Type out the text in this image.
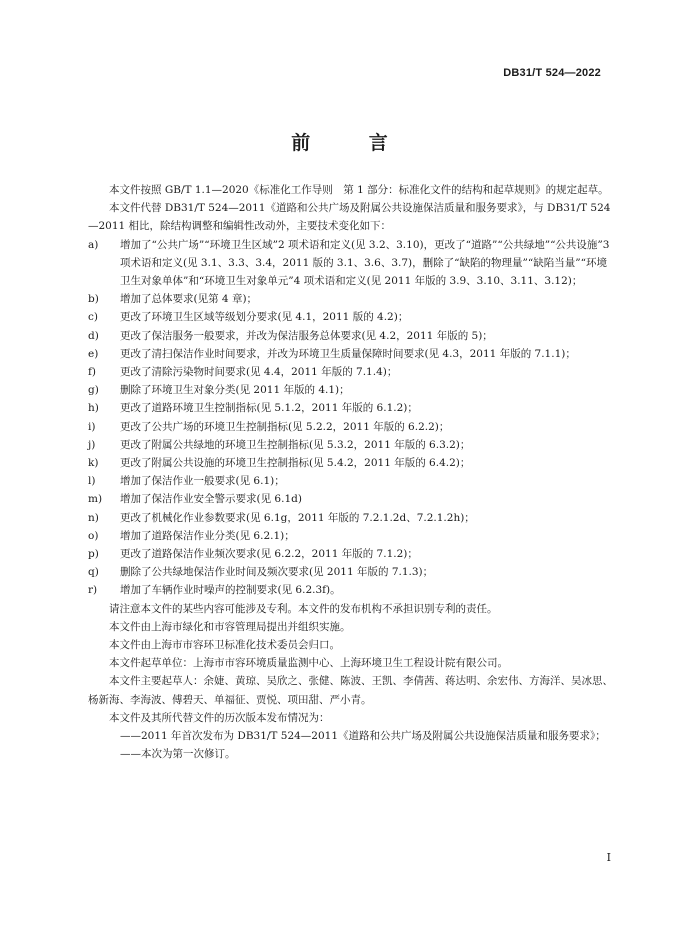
DB31/T 524—2022
前 言

本文件按照 GB/T 1.1—2020《标准化工作导则　第 1 部分：标准化文件的结构和起草规则》的规定起草。

本文件代替 DB31/T 524—2011《道路和公共广场及附属公共设施保洁质量和服务要求》，与 DB31/T 524—2011 相比，除结构调整和编辑性改动外，主要技术变化如下：

a)	增加了“公共广场”“环境卫生区域”2 项术语和定义(见 3.2、3.10)，更改了“道路”“公共绿地”“公共设施”3 项术语和定义(见 3.1、3.3、3.4，2011 版的 3.1、3.6、3.7)，删除了“缺陷的物理量”“缺陷当量”“环境卫生对象单体”和“环境卫生对象单元”4 项术语和定义(见 2011 年版的 3.9、3.10、3.11、3.12)；
b)	增加了总体要求(见第 4 章)；
c)	更改了环境卫生区域等级划分要求(见 4.1，2011 版的 4.2)；
d)	更改了保洁服务一般要求，并改为保洁服务总体要求(见 4.2，2011 年版的 5)；
e)	更改了清扫保洁作业时间要求，并改为环境卫生质量保障时间要求(见 4.3，2011 年版的 7.1.1)；
f)	更改了清除污染物时间要求(见 4.4，2011 年版的 7.1.4)；
g)	删除了环境卫生对象分类(见 2011 年版的 4.1)；
h)	更改了道路环境卫生控制指标(见 5.1.2，2011 年版的 6.1.2)；
i)	更改了公共广场的环境卫生控制指标(见 5.2.2，2011 年版的 6.2.2)；
j)	更改了附属公共绿地的环境卫生控制指标(见 5.3.2，2011 年版的 6.3.2)；
k)	更改了附属公共设施的环境卫生控制指标(见 5.4.2，2011 年版的 6.4.2)；
l)	增加了保洁作业一般要求(见 6.1)；
m)	增加了保洁作业安全警示要求(见 6.1d)
n)	更改了机械化作业参数要求(见 6.1g，2011 年版的 7.2.1.2d、7.2.1.2h)；
o)	增加了道路保洁作业分类(见 6.2.1)；
p)	更改了道路保洁作业频次要求(见 6.2.2，2011 年版的 7.1.2)；
q)	删除了公共绿地保洁作业时间及频次要求(见 2011 年版的 7.1.3)；
r)	增加了车辆作业时噪声的控制要求(见 6.2.3f)。

请注意本文件的某些内容可能涉及专利。本文件的发布机构不承担识别专利的责任。

本文件由上海市绿化和市容管理局提出并组织实施。

本文件由上海市市容环卫标准化技术委员会归口。

本文件起草单位：上海市市容环境质量监测中心、上海环境卫生工程设计院有限公司。

本文件主要起草人：余婕、黄琼、吴欣之、张健、陈波、王凯、李倩茜、蒋达明、余宏伟、方海洋、吴冰思、杨新海、李海波、傅碧天、单福征、贾悦、项田甜、严小青。

本文件及其所代替文件的历次版本发布情况为：

——2011 年首次发布为 DB31/T 524—2011《道路和公共广场及附属公共设施保洁质量和服务要求》；

——本次为第一次修订。

I
